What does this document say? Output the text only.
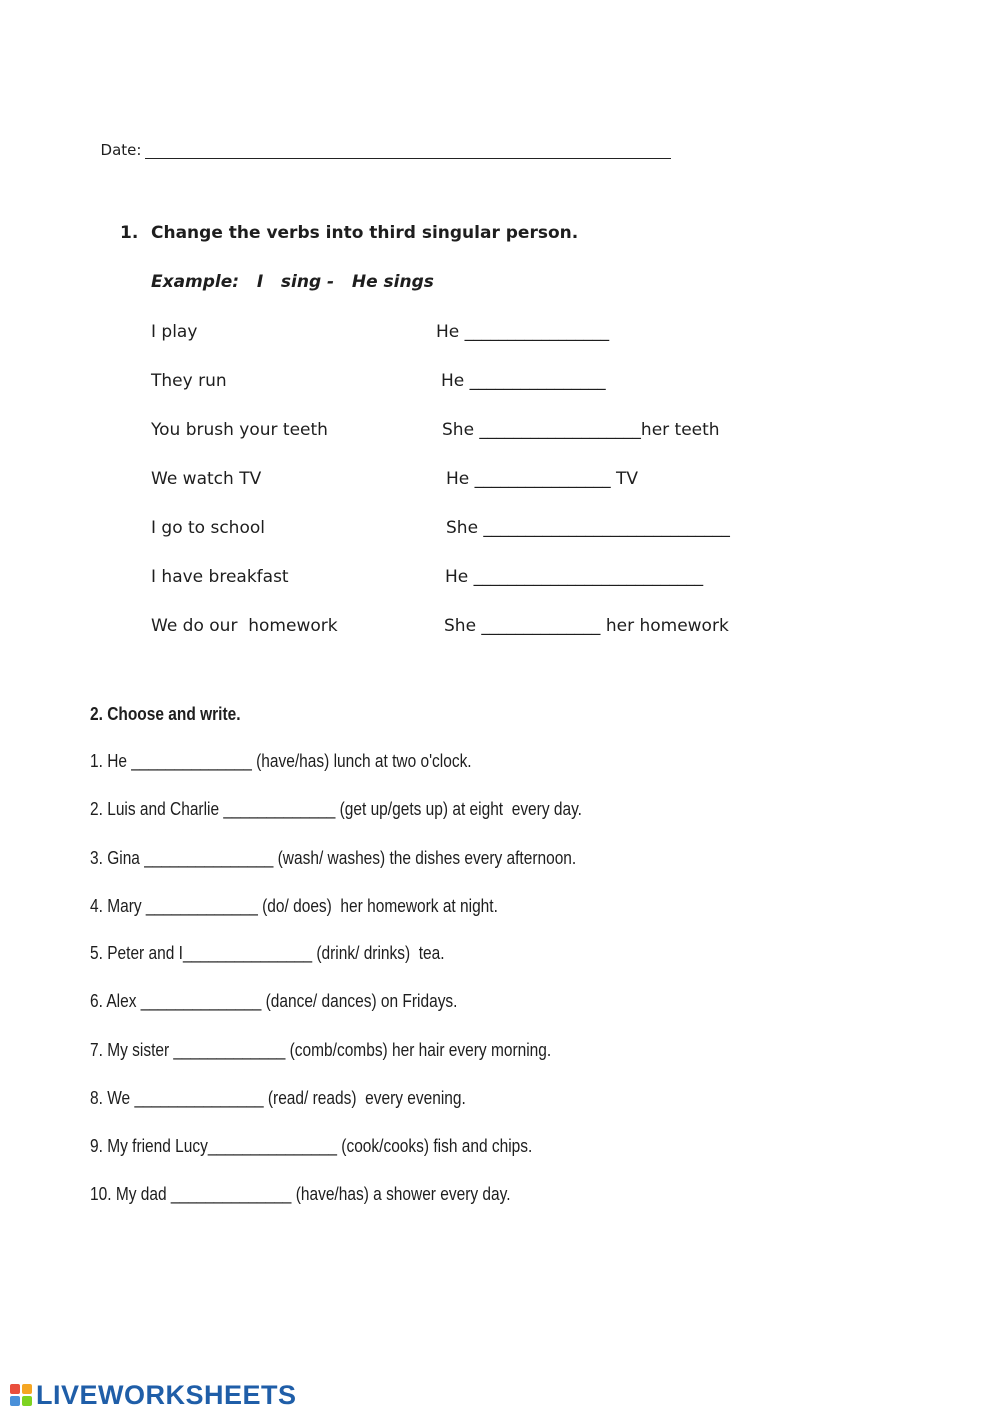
Date:

1. Change the verbs into third singular person.
Example:   I   sing -   He sings
I play	He _________________
They run	He ________________
You brush your teeth	She ___________________her teeth
We watch TV	He ________________ TV
I go to school	She _____________________________
I have breakfast	He ___________________________
We do our  homework	She ______________ her homework
2. Choose and write.
1. He ______________ (have/has) lunch at two o'clock.
2. Luis and Charlie _____________ (get up/gets up) at eight  every day.
3. Gina _______________ (wash/ washes) the dishes every afternoon.
4. Mary _____________ (do/ does)  her homework at night.
5. Peter and I_______________ (drink/ drinks)  tea.
6. Alex ______________ (dance/ dances) on Fridays.
7. My sister _____________ (comb/combs) her hair every morning.
8. We _______________ (read/ reads)  every evening.
9. My friend Lucy_______________ (cook/cooks) fish and chips.
10. My dad ______________ (have/has) a shower every day.
LIVEWORKSHEETS
